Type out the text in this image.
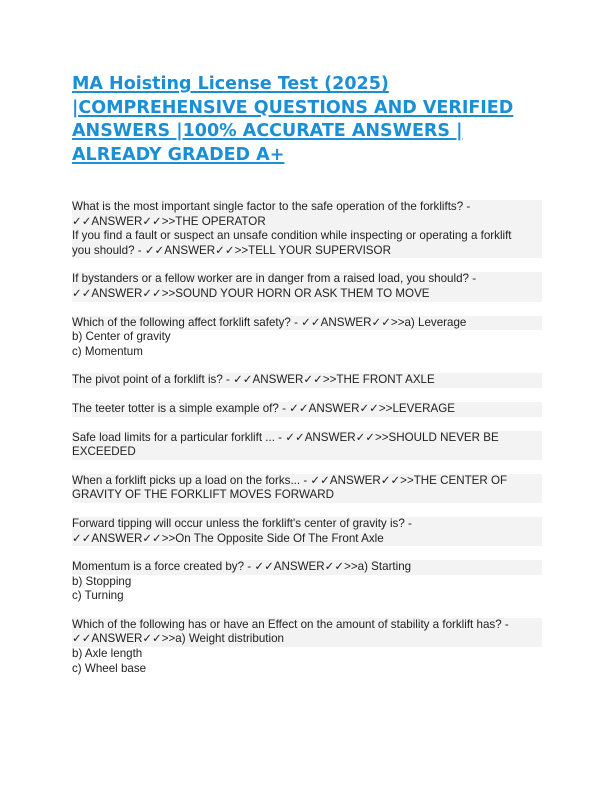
MA Hoisting License Test (2025) |COMPREHENSIVE QUESTIONS AND VERIFIED ANSWERS |100% ACCURATE ANSWERS | ALREADY GRADED A+
What is the most important single factor to the safe operation of the forklifts? -
✓✓ANSWER✓✓>>THE OPERATOR
If you find a fault or suspect an unsafe condition while inspecting or operating a forklift
you should? - ✓✓ANSWER✓✓>>TELL YOUR SUPERVISOR
If bystanders or a fellow worker are in danger from a raised load, you should? -
✓✓ANSWER✓✓>>SOUND YOUR HORN OR ASK THEM TO MOVE
Which of the following affect forklift safety? - ✓✓ANSWER✓✓>>a) Leverage
b) Center of gravity
c) Momentum
The pivot point of a forklift is? - ✓✓ANSWER✓✓>>THE FRONT AXLE
The teeter totter is a simple example of? - ✓✓ANSWER✓✓>>LEVERAGE
Safe load limits for a particular forklift ... - ✓✓ANSWER✓✓>>SHOULD NEVER BE
EXCEEDED
When a forklift picks up a load on the forks... - ✓✓ANSWER✓✓>>THE CENTER OF
GRAVITY OF THE FORKLIFT MOVES FORWARD
Forward tipping will occur unless the forklift's center of gravity is? -
✓✓ANSWER✓✓>>On The Opposite Side Of The Front Axle
Momentum is a force created by? - ✓✓ANSWER✓✓>>a) Starting
b) Stopping
c) Turning
Which of the following has or have an Effect on the amount of stability a forklift has? -
✓✓ANSWER✓✓>>a) Weight distribution
b) Axle length
c) Wheel base
